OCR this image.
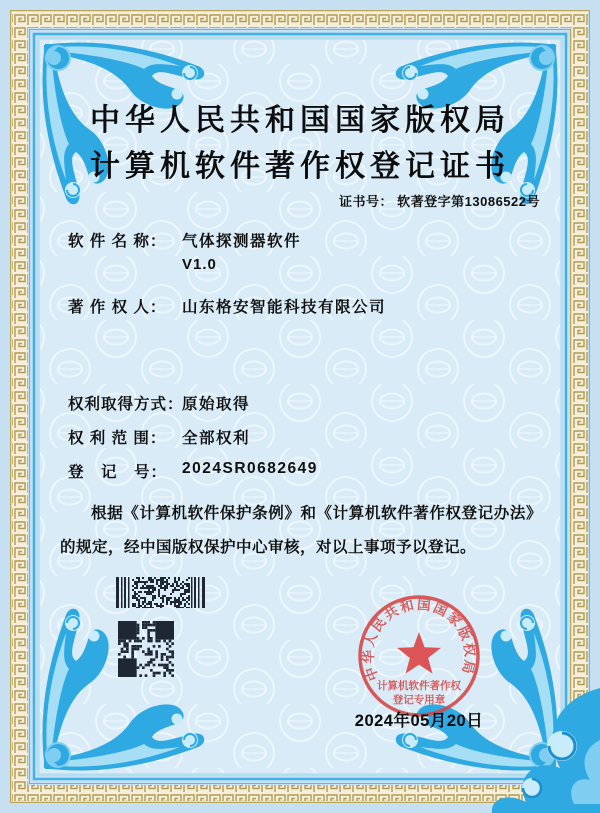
中华人民共和国国家版权局
计算机软件著作权登记证书
证书号： 软著登字第13086522号
软 件 名 称： 气体探测器软件
V1.0
著 作 权 人： 山东格安智能科技有限公司
权利取得方式：
原始取得
权 利 范 围： 全部权利
登　记　号： 2024SR0682649
根据《计算机软件保护条例》和《计算机软件著作权登记办法》的规定，经中国版权保护中心审核，对以上事项予以登记。
中华人民共和国国家版权局
计算机软件著作权
登记专用章
2024年05月20日
